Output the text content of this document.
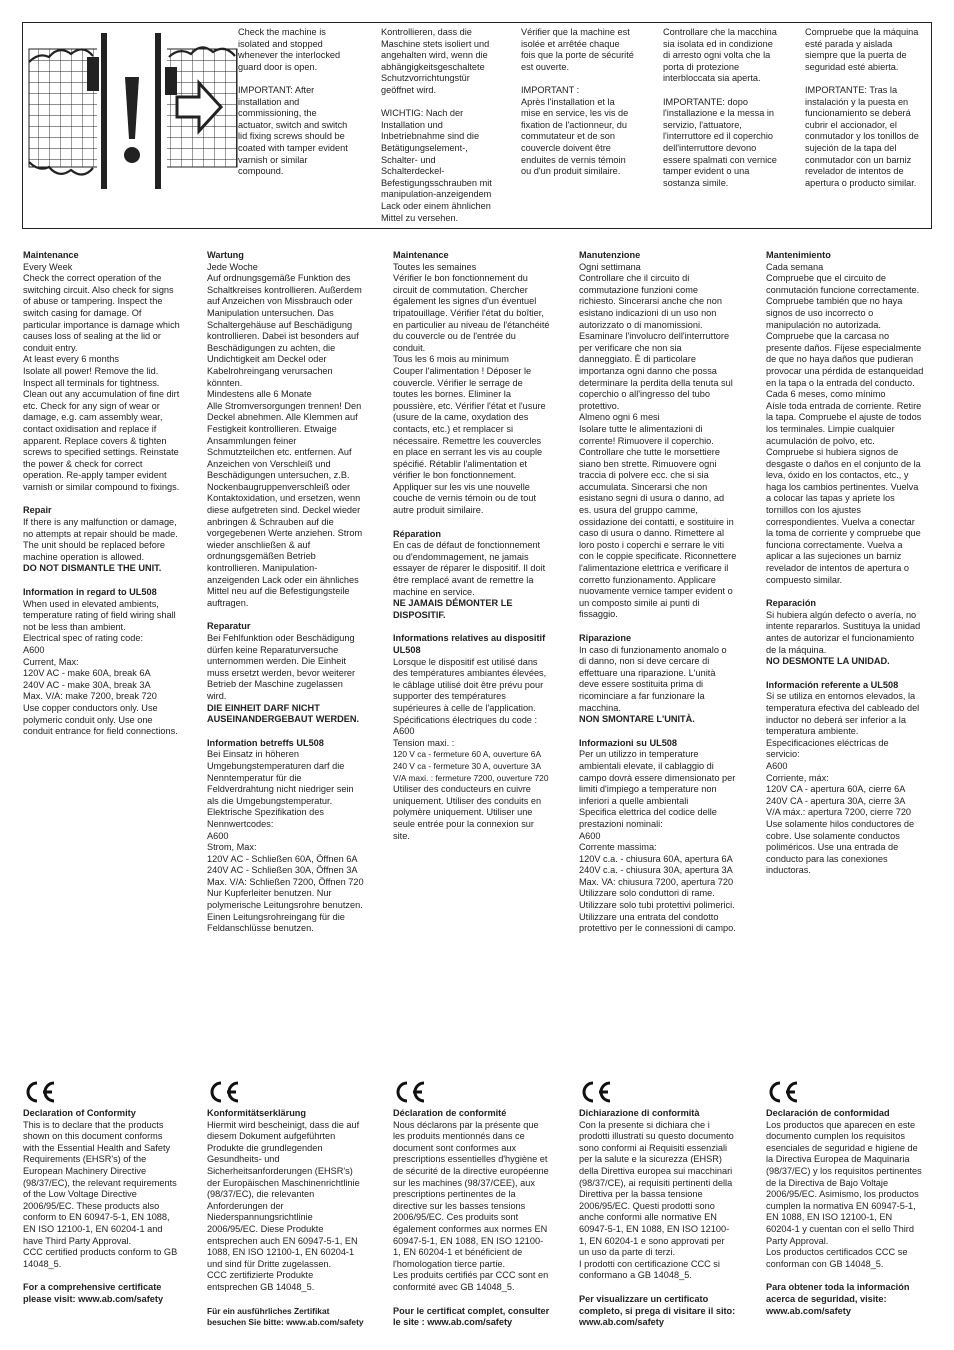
Check the machine is
isolated and stopped
whenever the interlocked
guard door is open.

IMPORTANT: After
installation and
commissioning, the
actuator, switch and switch
lid fixing screws should be
coated with tamper evident
varnish or similar
compound.
Kontrollieren, dass die
Maschine stets isoliert und
angehalten wird, wenn die
abhängigkeitsgeschaltete
Schutzvorrichtungstür
geöffnet wird.

WICHTIG: Nach der
Installation und
Inbetriebnahme sind die
Betätigungselement-,
Schalter- und
Schalterdeckel-
Befestigungsschrauben mit
manipulation-anzeigendem
Lack oder einem ähnlichen
Mittel zu versehen.
Vérifier que la machine est
isolée et arrêtée chaque
fois que la porte de sécurité
est ouverte.

IMPORTANT :
Après l'installation et la
mise en service, les vis de
fixation de l'actionneur, du
commutateur et de son
couvercle doivent être
enduites de vernis témoin
ou d'un produit similaire.
Controllare che la macchina
sia isolata ed in condizione
di arresto ogni volta che la
porta di protezione
interbloccata sia aperta.

IMPORTANTE: dopo
l'installazione e la messa in
servizio, l'attuatore,
l'interruttore ed il coperchio
dell'interruttore devono
essere spalmati con vernice
tamper evident o una
sostanza simile.
Compruebe que la máquina
esté parada y aislada
siempre que la puerta de
seguridad esté abierta.

IMPORTANTE: Tras la
instalación y la puesta en
funcionamiento se deberá
cubrir el accionador, el
conmutador y los tonillos de
sujeción de la tapa del
conmutador con un barniz
revelador de intentos de
apertura o producto similar.

Maintenance

Every Week
Check the correct operation of the
switching circuit. Also check for signs
of abuse or tampering. Inspect the
switch casing for damage. Of
particular importance is damage which
causes loss of sealing at the lid or
conduit entry.
At least every 6 months
Isolate all power! Remove the lid.
Inspect all terminals for tightness.
Clean out any accumulation of fine dirt
etc. Check for any sign of wear or
damage, e.g. cam assembly wear,
contact oxidisation and replace if
apparent. Replace covers & tighten
screws to specified settings. Reinstate
the power & check for correct
operation. Re-apply tamper evident
varnish or similar compound to fixings.

Repair

If there is any malfunction or damage,
no attempts at repair should be made.
The unit should be replaced before
machine operation is allowed.

DO NOT DISMANTLE THE UNIT.

Information in regard to UL508

When used in elevated ambients,
temperature rating of field wiring shall
not be less than ambient.
Electrical spec of rating code:
A600
Current, Max:
120V AC - make 60A, break 6A
240V AC - make 30A, break 3A
Max. V/A: make 7200, break 720
Use copper conductors only. Use
polymeric conduit only. Use one
conduit entrance for field connections.

Wartung

Jede Woche
Auf ordnungsgemäße Funktion des
Schaltkreises kontrollieren. Außerdem
auf Anzeichen von Missbrauch oder
Manipulation untersuchen. Das
Schaltergehäuse auf Beschädigung
kontrollieren. Dabei ist besonders auf
Beschädigungen zu achten, die
Undichtigkeit am Deckel oder
Kabelrohreingang verursachen
könnten.
Mindestens alle 6 Monate
Alle Stromversorgungen trennen! Den
Deckel abnehmen. Alle Klemmen auf
Festigkeit kontrollieren. Etwaige
Ansammlungen feiner
Schmutzteilchen etc. entfernen. Auf
Anzeichen von Verschleiß und
Beschädigungen untersuchen, z.B.
Nockenbaugruppenverschleiß oder
Kontaktoxidation, und ersetzen, wenn
diese aufgetreten sind. Deckel wieder
anbringen & Schrauben auf die
vorgegebenen Werte anziehen. Strom
wieder anschließen & auf
ordnungsgemäßen Betrieb
kontrollieren. Manipulation-
anzeigenden Lack oder ein ähnliches
Mittel neu auf die Befestigungsteile
auftragen.

Reparatur

Bei Fehlfunktion oder Beschädigung
dürfen keine Reparaturversuche
unternommen werden. Die Einheit
muss ersetzt werden, bevor weiterer
Betrieb der Maschine zugelassen
wird.

DIE EINHEIT DARF NICHT
AUSEINANDERGEBAUT WERDEN.

Information betreffs UL508

Bei Einsatz in höheren
Umgebungstemperaturen darf die
Nenntemperatur für die
Feldverdrahtung nicht niedriger sein
als die Umgebungstemperatur.
Elektrische Spezifikation des
Nennwertcodes:
A600
Strom, Max:
120V AC - Schließen 60A, Öffnen 6A
240V AC - Schließen 30A, Öffnen 3A
Max. V/A: Schließen 7200, Öffnen 720
Nur Kupferleiter benutzen. Nur
polymerische Leitungsrohre benutzen.
Einen Leitungsrohreingang für die
Feldanschlüsse benutzen.

Maintenance

Toutes les semaines
Vérifier le bon fonctionnement du
circuit de commutation. Chercher
également les signes d'un éventuel
tripatouillage. Vérifier l'état du boîtier,
en particulier au niveau de l'étanchéité
du couvercle ou de l'entrée du
conduit.
Tous les 6 mois au minimum
Couper l'alimentation ! Déposer le
couvercle. Vérifier le serrage de
toutes les bornes. Eliminer la
poussière, etc. Vérifier l'état et l'usure
(usure de la came, oxydation des
contacts, etc.) et remplacer si
nécessaire. Remettre les couvercles
en place en serrant les vis au couple
spécifié. Rétablir l'alimentation et
vérifier le bon fonctionnement.
Appliquer sur les vis une nouvelle
couche de vernis témoin ou de tout
autre produit similaire.

Réparation

En cas de défaut de fonctionnement
ou d'endommagement, ne jamais
essayer de réparer le dispositif. Il doit
être remplacé avant de remettre la
machine en service.

NE JAMAIS DÉMONTER LE
DISPOSITIF.

Informations relatives au dispositif
UL508

Lorsque le dispositif est utilisé dans
des températures ambiantes élevées,
le câblage utilisé doit être prévu pour
supporter des températures
supérieures à celle de l'application.
Spécifications électriques du code :
A600
Tension maxi. :

120 V ca - fermeture 60 A, ouverture 6A
240 V ca - fermeture 30 A, ouverture 3A
V/A maxi. : fermeture 7200, ouverture 720

Utiliser des conducteurs en cuivre
uniquement. Utiliser des conduits en
polymère uniquement. Utiliser une
seule entrée pour la connexion sur
site.

Manutenzione

Ogni settimana
Controllare che il circuito di
commutazione funzioni come
richiesto. Sincerarsi anche che non
esistano indicazioni di un uso non
autorizzato o di manomissioni.
Esaminare l'involucro dell'interruttore
per verificare che non sia
danneggiato. È di particolare
importanza ogni danno che possa
determinare la perdita della tenuta sul
coperchio o all'ingresso del tubo
protettivo.
Almeno ogni 6 mesi
Isolare tutte le alimentazioni di
corrente! Rimuovere il coperchio.
Controllare che tutte le morsettiere
siano ben strette. Rimuovere ogni
traccia di polvere ecc. che si sia
accumulata. Sincerarsi che non
esistano segni di usura o danno, ad
es. usura del gruppo camme,
ossidazione dei contatti, e sostituire in
caso di usura o danno. Rimettere al
loro posto i coperchi e serrare le viti
con le coppie specificate. Riconnettere
l'alimentazione elettrica e verificare il
corretto funzionamento. Applicare
nuovamente vernice tamper evident o
un composto simile ai punti di
fissaggio.

Riparazione

In caso di funzionamento anomalo o
di danno, non si deve cercare di
effettuare una riparazione. L'unità
deve essere sostituita prima di
ricominciare a far funzionare la
macchina.

NON SMONTARE L'UNITÀ.

Informazioni su UL508

Per un utilizzo in temperature
ambientali elevate, il cablaggio di
campo dovrà essere dimensionato per
limiti d'impiego a temperature non
inferiori a quelle ambientali
Specifica elettrica del codice delle
prestazioni nominali:
A600
Corrente massima:
120V c.a. - chiusura 60A, apertura 6A
240V c.a. - chiusura 30A, apertura 3A
Max. VA: chiusura 7200, apertura 720
Utilizzare solo conduttori di rame.
Utilizzare solo tubi protettivi polimerici.
Utilizzare una entrata del condotto
protettivo per le connessioni di campo.

Mantenimiento

Cada semana
Compruebe que el circuito de
conmutación funcione correctamente.
Compruebe también que no haya
signos de uso incorrecto o
manipulación no autorizada.
Compruebe que la carcasa no
presente daños. Fíjese especialmente
de que no haya daños que pudieran
provocar una pérdida de estanqueidad
en la tapa o la entrada del conducto.
Cada 6 meses, como mínimo
Aísle toda entrada de corriente. Retire
la tapa. Compruebe el ajuste de todos
los terminales. Limpie cualquier
acumulación de polvo, etc.
Compruebe si hubiera signos de
desgaste o daños en el conjunto de la
leva, óxido en los contactos, etc., y
haga los cambios pertinentes. Vuelva
a colocar las tapas y apriete los
tornillos con los ajustes
correspondientes. Vuelva a conectar
la toma de corriente y compruebe que
funciona correctamente. Vuelva a
aplicar a las sujeciones un barniz
revelador de intentos de apertura o
compuesto similar.

Reparación

Si hubiera algún defecto o avería, no
intente repararlos. Sustituya la unidad
antes de autorizar el funcionamiento
de la máquina.

NO DESMONTE LA UNIDAD.

Información referente a UL508

Si se utiliza en entornos elevados, la
temperatura efectiva del cableado del
inductor no deberá ser inferior a la
temperatura ambiente.
Especificaciones eléctricas de
servicio:
A600
Corriente, máx:
120V CA - apertura 60A, cierre 6A
240V CA - apertura 30A, cierre 3A
V/A máx.: apertura 7200, cierre 720
Use solamente hilos conductores de
cobre. Use solamente conductos
poliméricos. Use una entrada de
conducto para las conexiones
inductoras.

Declaration of Conformity

This is to declare that the products
shown on this document conforms
with the Essential Health and Safety
Requirements (EHSR's) of the
European Machinery Directive
(98/37/EC), the relevant requirements
of the Low Voltage Directive
2006/95/EC. These products also
conform to EN 60947-5-1, EN 1088,
EN ISO 12100-1, EN 60204-1 and
have Third Party Approval.
CCC certified products conform to GB
14048_5.

For a comprehensive certificate
please visit: www.ab.com/safety

Konformitätserklärung

Hiermit wird bescheinigt, dass die auf
diesem Dokument aufgeführten
Produkte die grundlegenden
Gesundheits- und
Sicherheitsanforderungen (EHSR's)
der Europäischen Maschinenrichtlinie
(98/37/EC), die relevanten
Anforderungen der
Niederspannungsrichtlinie
2006/95/EC. Diese Produkte
entsprechen auch EN 60947-5-1, EN
1088, EN ISO 12100-1, EN 60204-1
und sind für Dritte zugelassen.
CCC zertifizierte Produkte
entsprechen GB 14048_5.

Für ein ausführliches Zertifikat
besuchen Sie bitte: www.ab.com/safety

Déclaration de conformité

Nous déclarons par la présente que
les produits mentionnés dans ce
document sont conformes aux
prescriptions essentielles d'hygiène et
de sécurité de la directive européenne
sur les machines (98/37/CEE), aux
prescriptions pertinentes de la
directive sur les basses tensions
2006/95/EC. Ces produits sont
également conformes aux normes EN
60947-5-1, EN 1088, EN ISO 12100-
1, EN 60204-1 et bénéficient de
l'homologation tierce partie.
Les produits certifiés par CCC sont en
conformité avec GB 14048_5.

Pour le certificat complet, consulter
le site : www.ab.com/safety

Dichiarazione di conformità

Con la presente si dichiara che i
prodotti illustrati su questo documento
sono conformi ai Requisiti essenziali
per la salute e la sicurezza (EHSR)
della Direttiva europea sui macchinari
(98/37/CE), ai requisiti pertinenti della
Direttiva per la bassa tensione
2006/95/EC. Questi prodotti sono
anche conformi alle normative EN
60947-5-1, EN 1088, EN ISO 12100-
1, EN 60204-1 e sono approvati per
un uso da parte di terzi.
I prodotti con certificazione CCC si
conformano a GB 14048_5.

Per visualizzare un certificato
completo, si prega di visitare il sito:
www.ab.com/safety

Declaración de conformidad

Los productos que aparecen en este
documento cumplen los requisitos
esenciales de seguridad e higiene de
la Directiva Europea de Maquinaria
(98/37/EC) y los requisitos pertinentes
de la Directiva de Bajo Voltaje
2006/95/EC. Asimismo, los productos
cumplen la normativa EN 60947-5-1,
EN 1088, EN ISO 12100-1, EN
60204-1 y cuentan con el sello Third
Party Approval.
Los productos certificados CCC se
conforman con GB 14048_5.

Para obtener toda la información
acerca de seguridad, visite:
www.ab.com/safety
